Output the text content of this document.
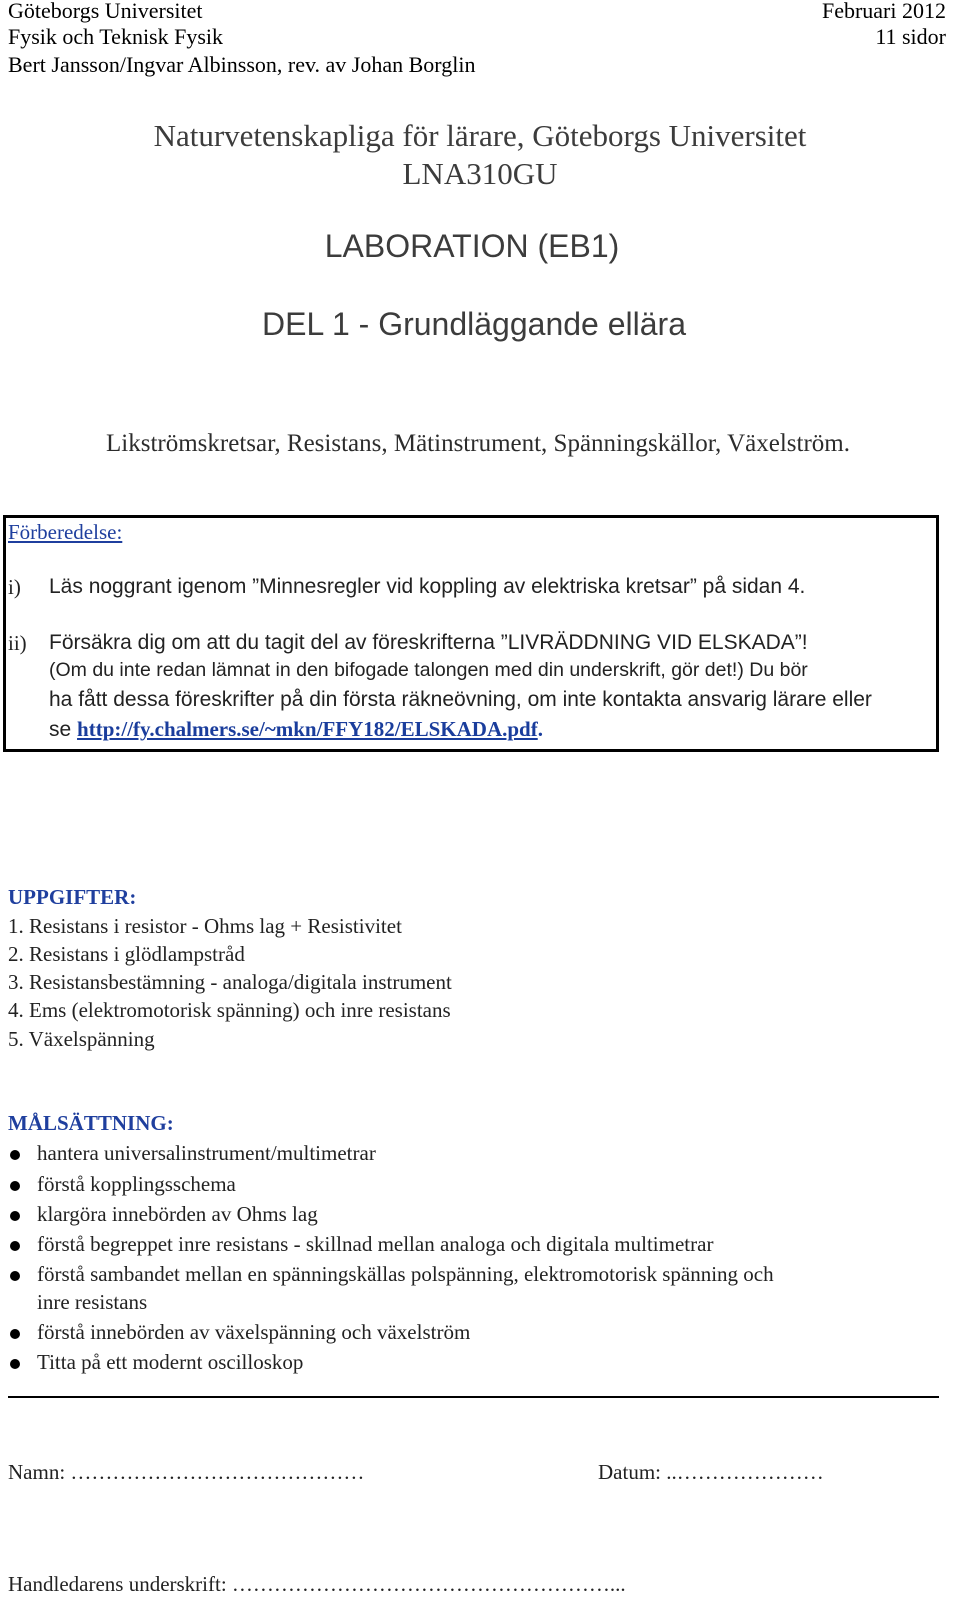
Göteborgs Universitet
Fysik och Teknisk Fysik
Bert Jansson/Ingvar Albinsson, rev. av Johan Borglin
Februari 2012
11 sidor
Naturvetenskapliga för lärare, Göteborgs Universitet
LNA310GU
LABORATION (EB1)
DEL 1 - Grundläggande ellära
Likströmskretsar, Resistans, Mätinstrument, Spänningskällor, Växelström.
Förberedelse:
i) Läs noggrant igenom ”Minnesregler vid koppling av elektriska kretsar” på sidan 4.
ii) Försäkra dig om att du tagit del av föreskrifterna ”LIVRÄDDNING VID ELSKADA”!
(Om du inte redan lämnat in den bifogade talongen med din underskrift, gör det!) Du bör
ha fått dessa föreskrifter på din första räkneövning, om inte kontakta ansvarig lärare eller
se http://fy.chalmers.se/~mkn/FFY182/ELSKADA.pdf.
UPPGIFTER:
1. Resistans i resistor - Ohms lag + Resistivitet
2. Resistans i glödlampstråd
3. Resistansbestämning - analoga/digitala instrument
4. Ems (elektromotorisk spänning) och inre resistans
5. Växelspänning
MÅLSÄTTNING:
hantera universalinstrument/multimetrar
förstå kopplingsschema
klargöra innebörden av Ohms lag
förstå begreppet inre resistans - skillnad mellan analoga och digitala multimetrar
förstå sambandet mellan en spänningskällas polspänning, elektromotorisk spänning och
inre resistans
förstå innebörden av växelspänning och växelström
Titta på ett modernt oscilloskop
Namn: ……………………………………	Datum: ..…………………
Handledarens underskrift: ………………………………………………...
